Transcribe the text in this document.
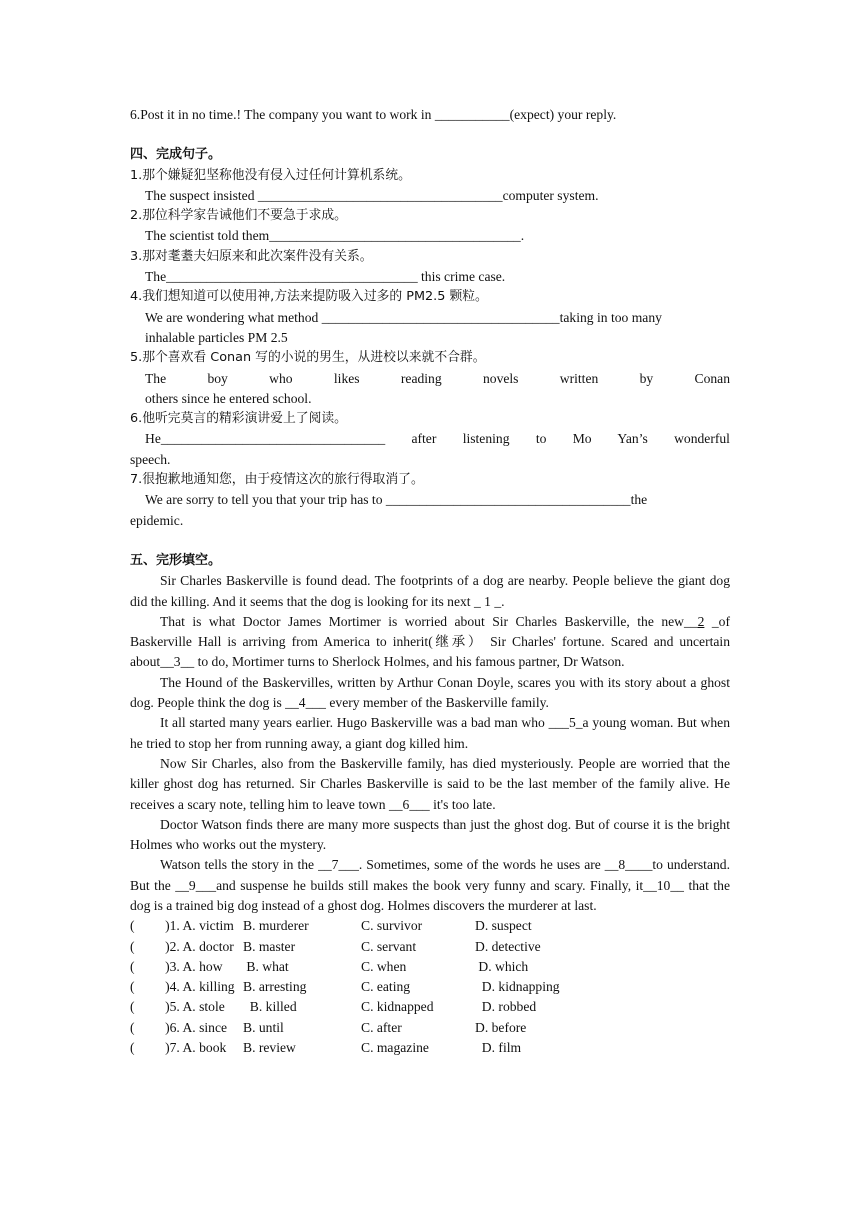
6.Post it in no time.! The company you want to work in ___________(expect) your reply.

四、完成句子。

1.那个嫌疑犯坚称他没有侵入过任何计算机系统。

The suspect insisted ____________________________________computer system.

2.那位科学家告诫他们不要急于求成。

The scientist told them_____________________________________.

3.那对耄耋夫妇原来和此次案件没有关系。

The_____________________________________ this crime case.

4.我们想知道可以使用神,方法来提防吸入过多的 PM2.5 颗粒。

We are wondering what method ___________________________________taking in too many

inhalable particles PM 2.5

5.那个喜欢看 Conan 写的小说的男生，从进校以来就不合群。

The	boy	who	likes	reading	novels	written	by	Conan

others since he entered school.

6.他听完莫言的精彩演讲爱上了阅读。

He_________________________________ after listening to Mo Yan’s wonderful

speech.

7.很抱歉地通知您，由于疫情这次的旅行得取消了。

We are sorry to tell you that your trip has to ____________________________________the

epidemic.

五、完形填空。

Sir Charles Baskerville is found dead. The footprints of a dog are nearby. People believe the giant dog did the killing. And it seems that the dog is looking for its next _ 1 _.

That is what Doctor James Mortimer is worried about Sir Charles Baskerville, the new__2 _of Baskerville Hall is arriving from America to inherit(继承） Sir Charles' fortune. Scared and uncertain about__3__ to do, Mortimer turns to Sherlock Holmes, and his famous partner, Dr Watson.

The Hound of the Baskervilles, written by Arthur Conan Doyle, scares you with its story about a ghost dog. People think the dog is __4___ every member of the Baskerville family.

It all started many years earlier. Hugo Baskerville was a bad man who ___5_a young woman. But when he tried to stop her from running away, a giant dog killed him.

Now Sir Charles, also from the Baskerville family, has died mysteriously. People are worried that the killer ghost dog has returned. Sir Charles Baskerville is said to be the last member of the family alive. He receives a scary note, telling him to leave town __6___ it's too late.

Doctor Watson finds there are many more suspects than just the ghost dog. But of course it is the bright Holmes who works out the mystery.

Watson tells the story in the __7___. Sometimes, some of the words he uses are __8____to understand. But the __9___and suspense he builds still makes the book very funny and scary. Finally, it__10__ that the dog is a trained big dog instead of a ghost dog. Holmes discovers the murderer at last.

(         )1. A. victim B. murderer	C. survivor	D. suspect
(         )2. A. doctor B. master	C. servant	D. detective
(         )3. A. how	B. what	C. when	D. which
(         )4. A. killing B. arresting	C. eating	D. kidnapping
(         )5. A. stole	B. killed	C. kidnapped	D. robbed
(         )6. A. since	B. until	C. after	D. before
(         )7. A. book	B. review	C. magazine	D. film
